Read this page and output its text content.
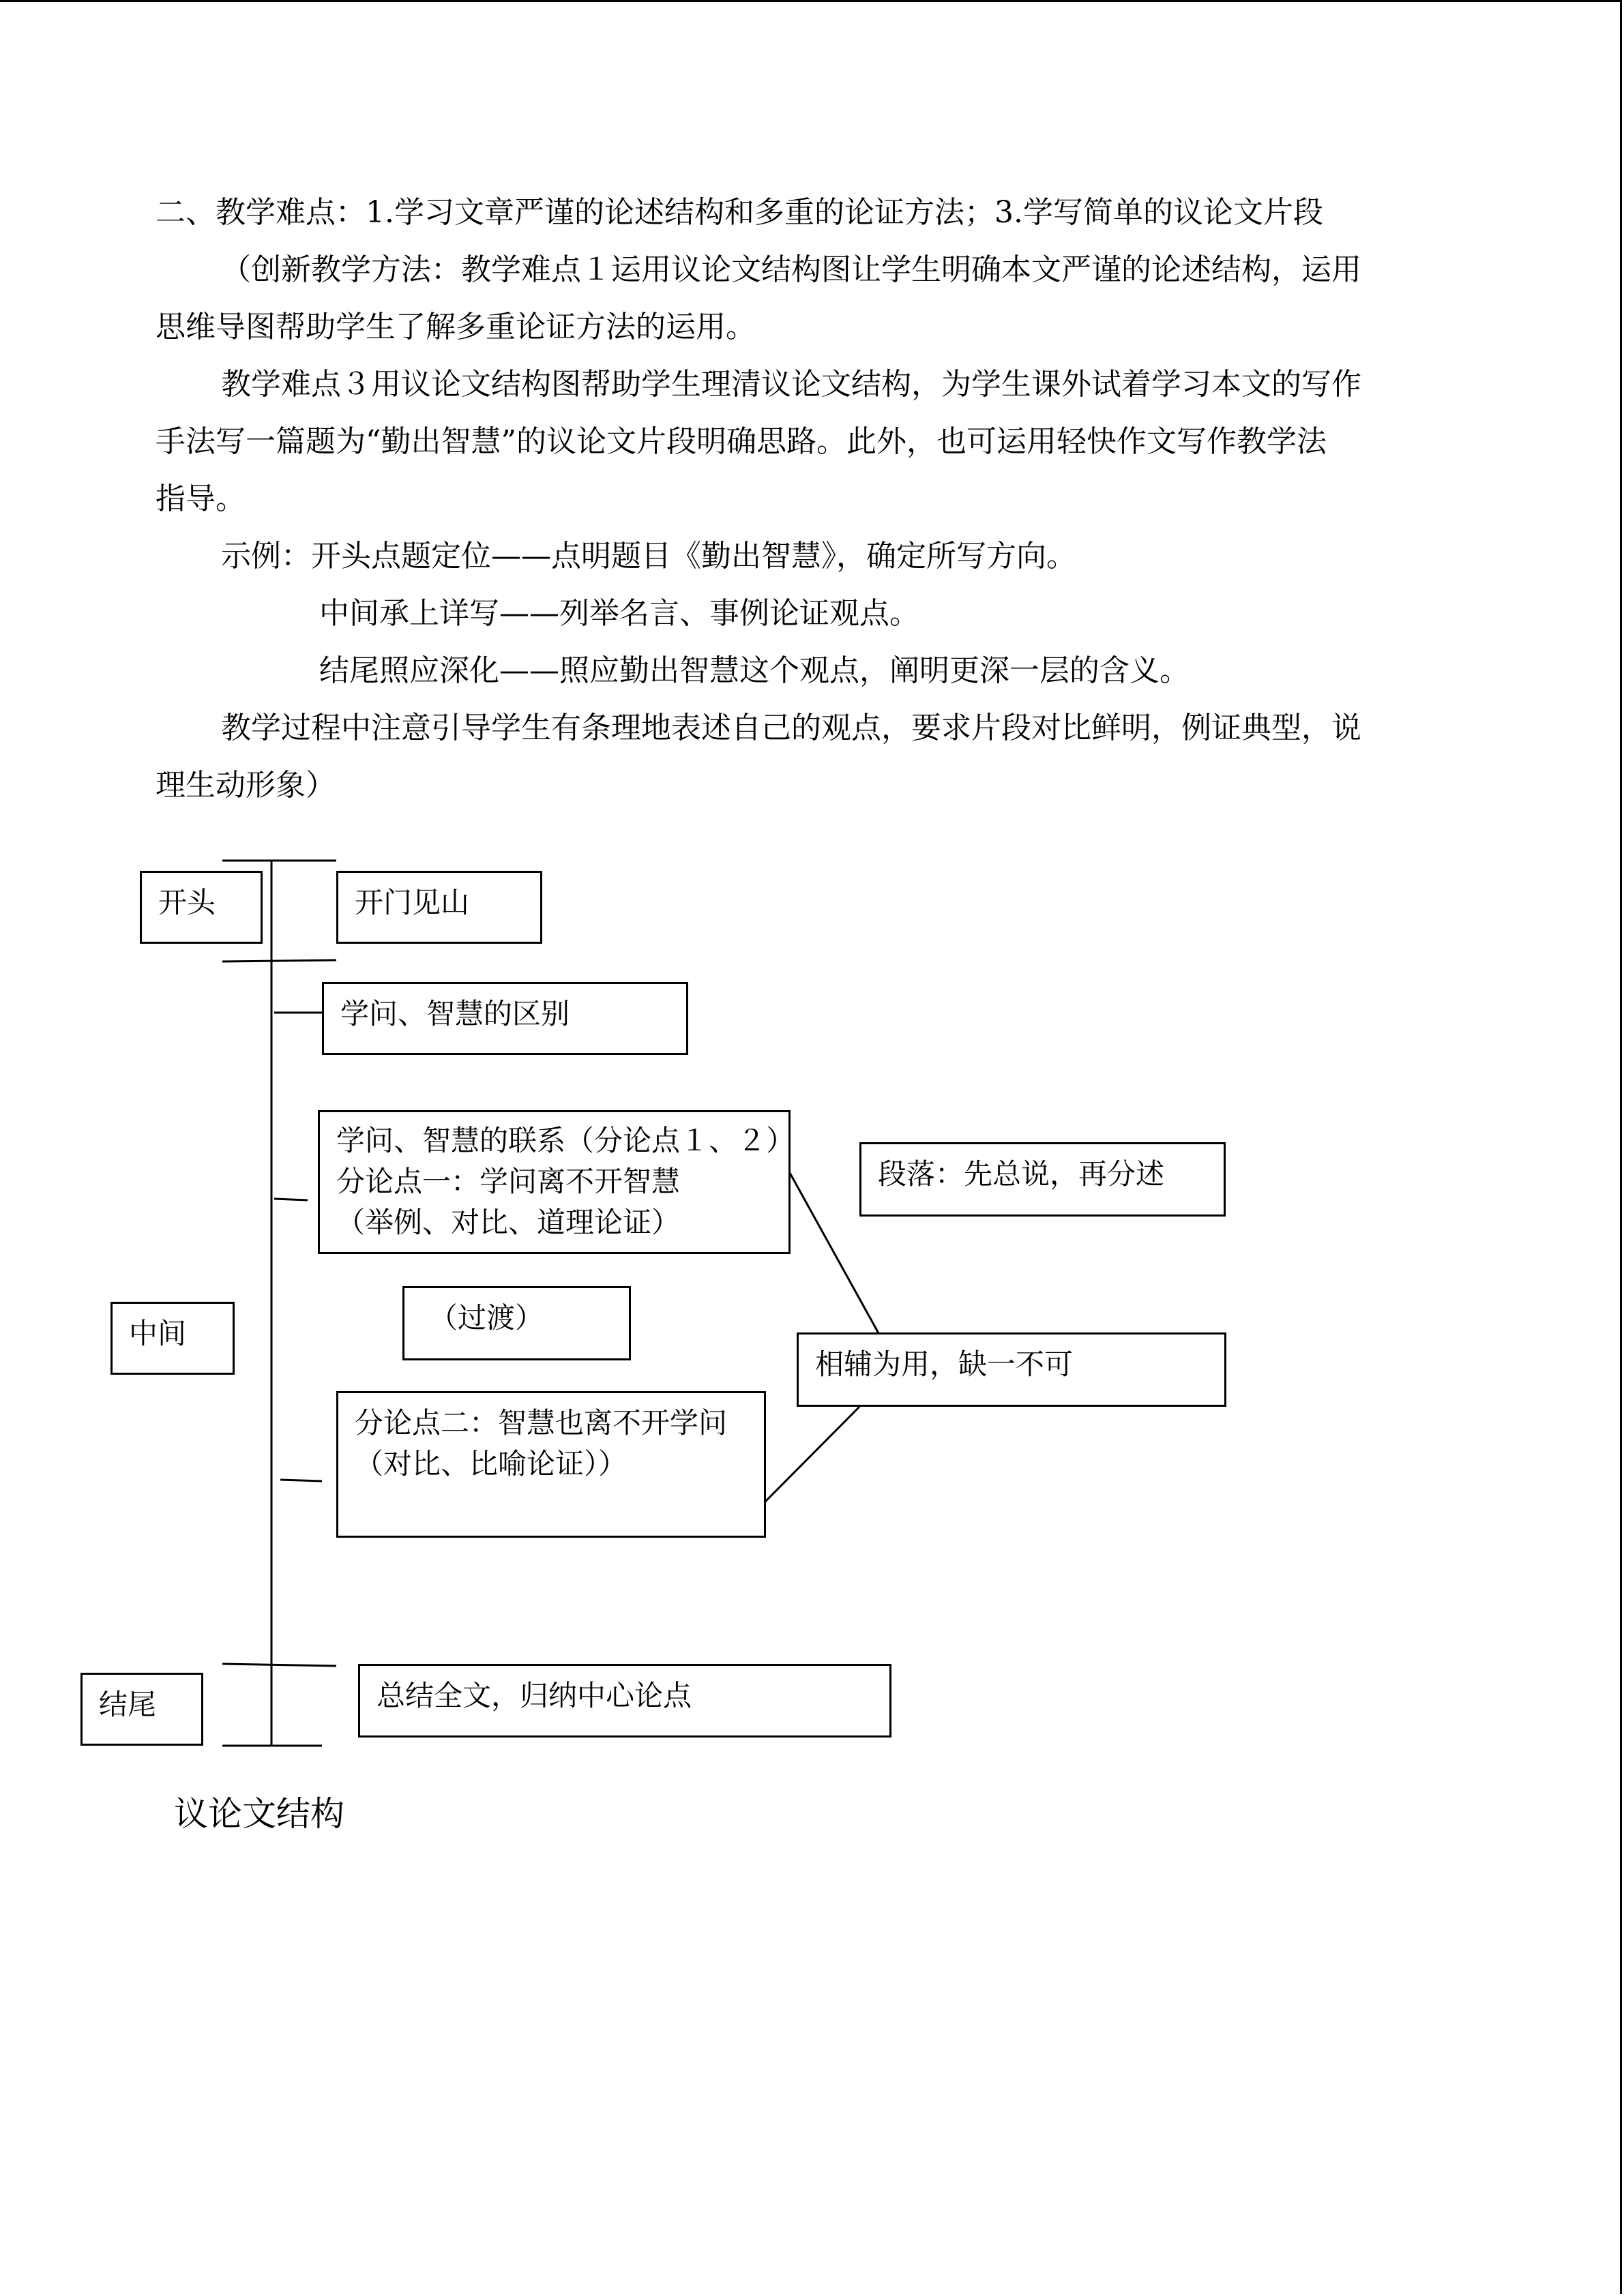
二、教学难点：1.学习文章严谨的论述结构和多重的论证方法；3.学写简单的议论文片段

（创新教学方法：教学难点１运用议论文结构图让学生明确本文严谨的论述结构，运用

思维导图帮助学生了解多重论证方法的运用。

教学难点３用议论文结构图帮助学生理清议论文结构，为学生课外试着学习本文的写作

手法写一篇题为“勤出智慧”的议论文片段明确思路。此外，也可运用轻快作文写作教学法

指导。

示例：开头点题定位——点明题目《勤出智慧》，确定所写方向。

中间承上详写——列举名言、事例论证观点。

结尾照应深化——照应勤出智慧这个观点，阐明更深一层的含义。

教学过程中注意引导学生有条理地表述自己的观点，要求片段对比鲜明，例证典型，说

理生动形象）

开头	开门见山
学问、智慧的区别
学问、智慧的联系（分论点１、２）
分论点一：学问离不开智慧
（举例、对比、道理论证）
段落：先总说，再分述
中间	（过渡）
相辅为用，缺一不可
分论点二：智慧也离不开学问
（对比、比喻论证））
结尾	总结全文，归纳中心论点
议论文结构
